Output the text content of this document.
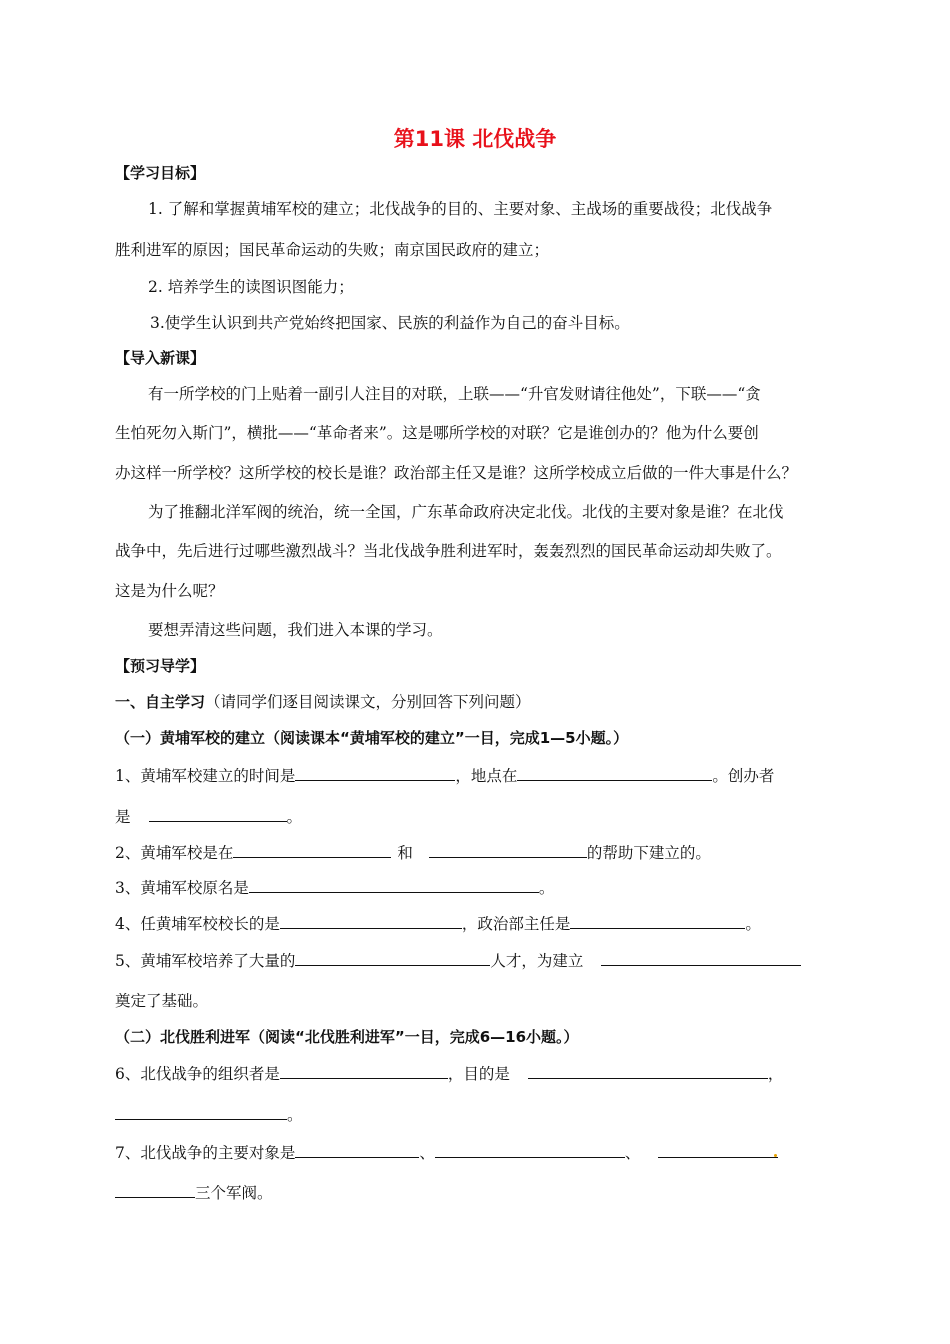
第11课 北伐战争
【学习目标】
1. 了解和掌握黄埔军校的建立；北伐战争的目的、主要对象、主战场的重要战役；北伐战争
胜利进军的原因；国民革命运动的失败；南京国民政府的建立；
2. 培养学生的读图识图能力；
3.使学生认识到共产党始终把国家、民族的利益作为自己的奋斗目标。
【导入新课】
有一所学校的门上贴着一副引人注目的对联，上联——“升官发财请往他处”，下联——“贪
生怕死勿入斯门”，横批——“革命者来”。这是哪所学校的对联？它是谁创办的？他为什么要创
办这样一所学校？这所学校的校长是谁？政治部主任又是谁？这所学校成立后做的一件大事是什么？
为了推翻北洋军阀的统治，统一全国，广东革命政府决定北伐。北伐的主要对象是谁？在北伐
战争中，先后进行过哪些激烈战斗？当北伐战争胜利进军时，轰轰烈烈的国民革命运动却失败了。
这是为什么呢？
要想弄清这些问题，我们进入本课的学习。
【预习导学】
一、自主学习（请同学们逐目阅读课文，分别回答下列问题）
（一）黄埔军校的建立（阅读课本“黄埔军校的建立”一目，完成1—5小题。）
1、黄埔军校建立的时间是	，地点在	。创办者
是	。
2、黄埔军校是在	和	的帮助下建立的。
3、黄埔军校原名是	。
4、任黄埔军校校长的是	，政治部主任是	。
5、黄埔军校培养了大量的	人才，为建立
奠定了基础。
（二）北伐胜利进军（阅读“北伐胜利进军”一目，完成6—16小题。）
6、北伐战争的组织者是	，目的是	，
。
7、北伐战争的主要对象是	、	、
三个军阀。
